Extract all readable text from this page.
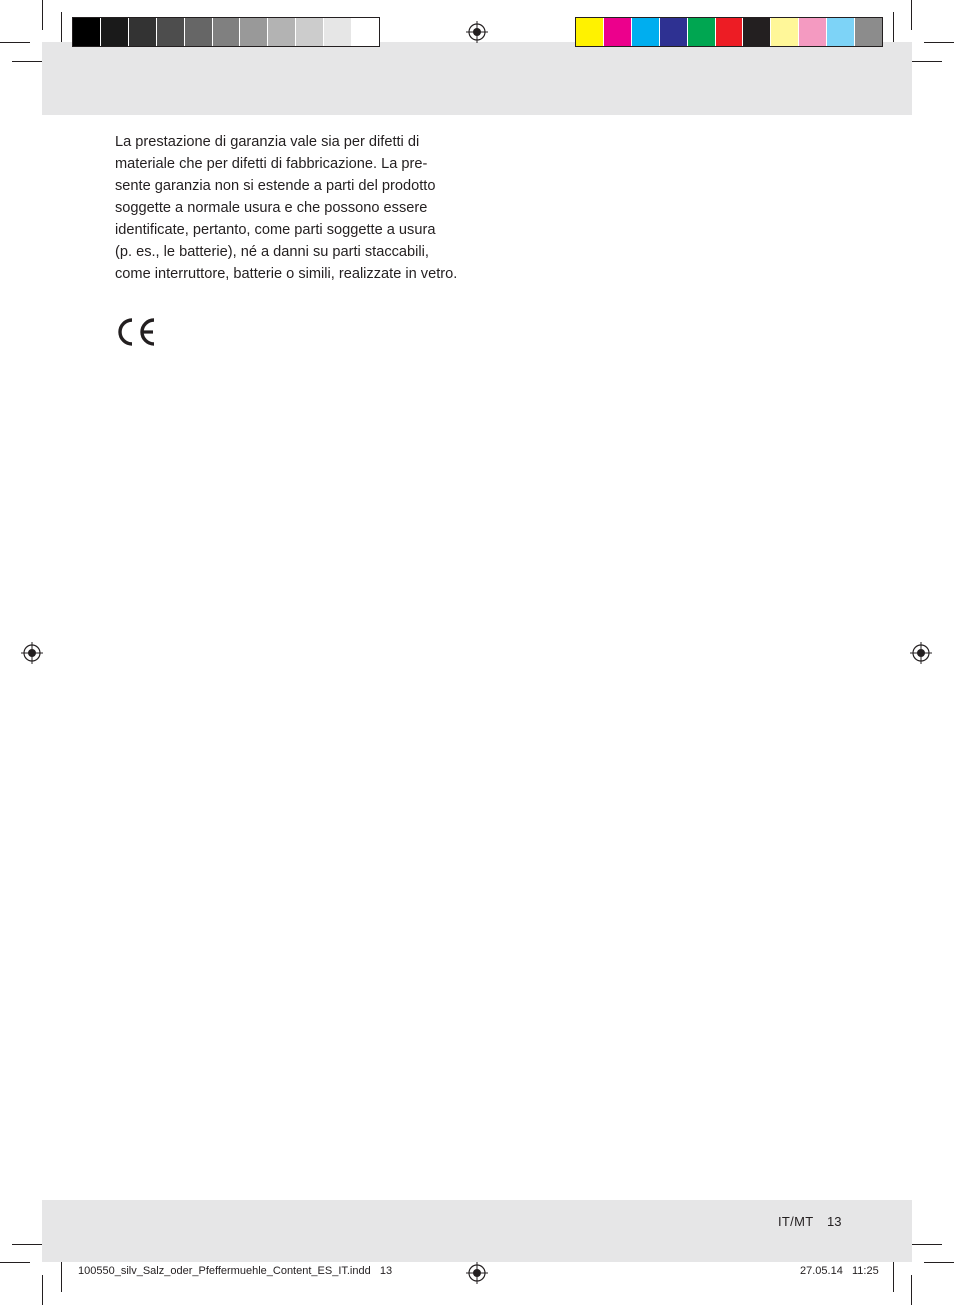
La prestazione di garanzia vale sia per difetti di
materiale che per difetti di fabbricazione. La pre-
sente garanzia non si estende a parti del prodotto
soggette a normale usura e che possono essere
identificate, pertanto, come parti soggette a usura
(p. es., le batterie), né a danni su parti staccabili,
come interruttore, batterie o simili, realizzate in vetro.

IT/MT 13
100550_silv_Salz_oder_Pfeffermuehle_Content_ES_IT.indd   13	27.05.14   11:25
